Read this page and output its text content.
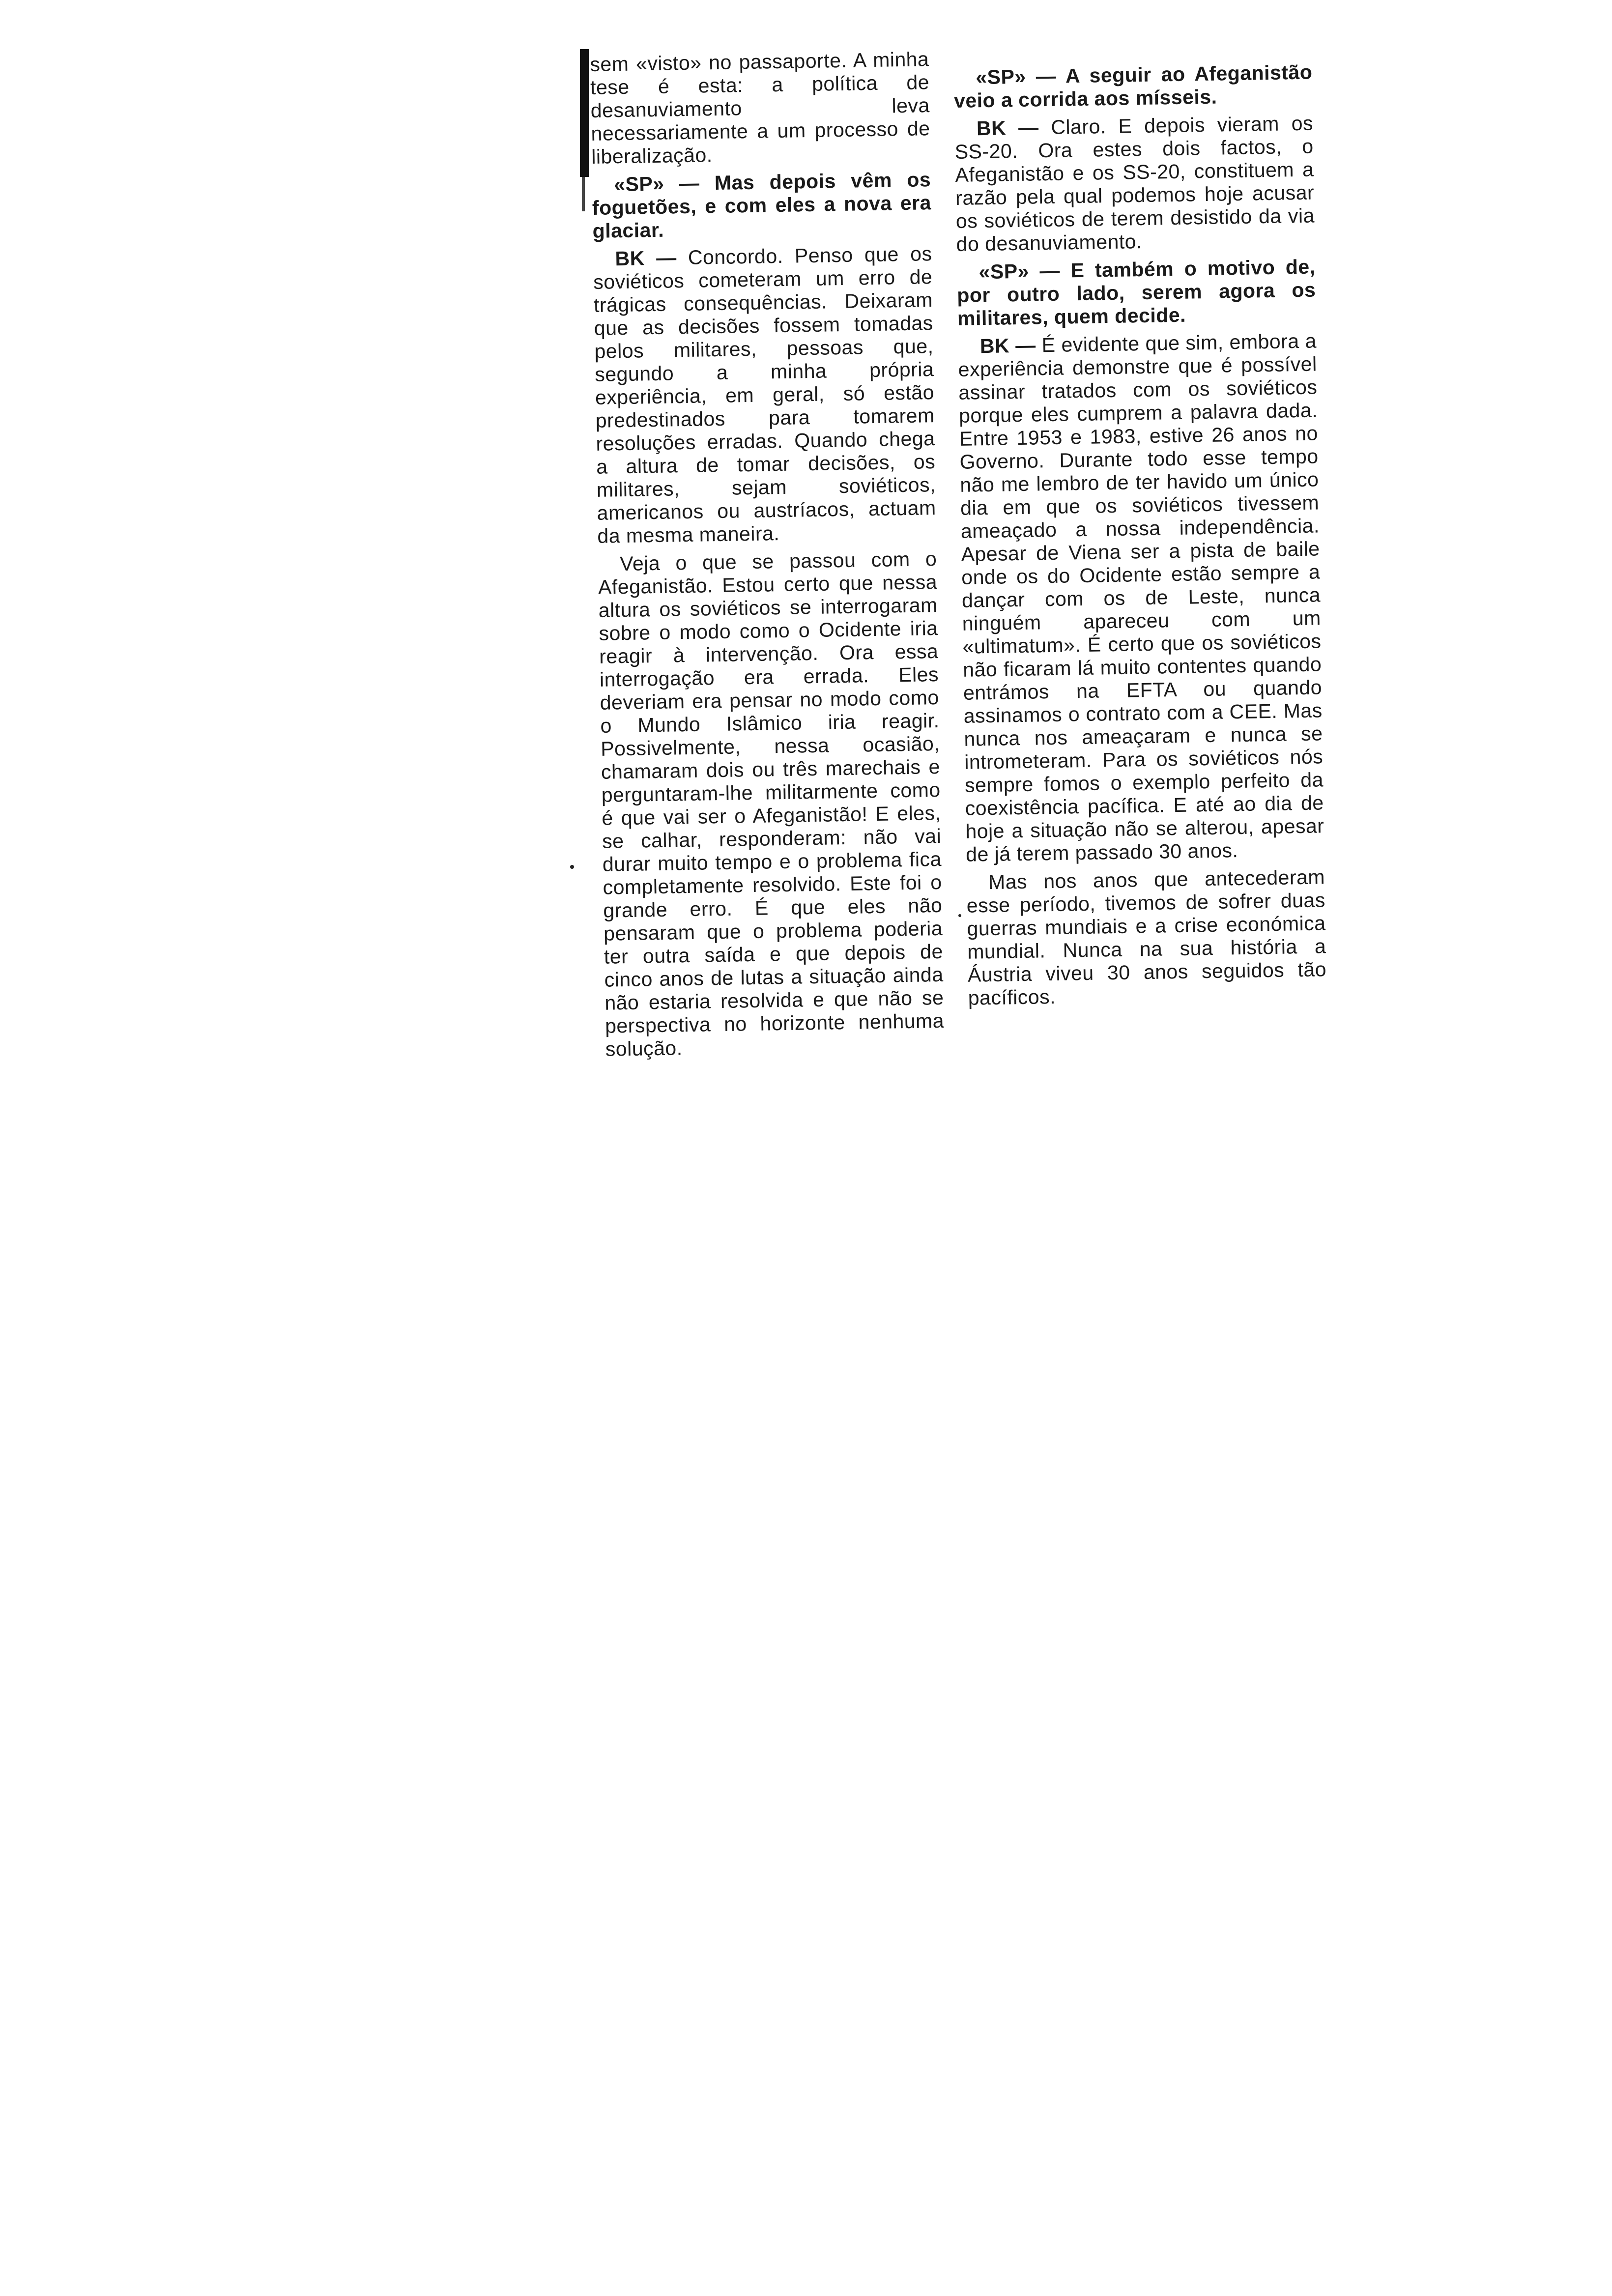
sem «visto» no passaporte. A minha tese é esta: a política de desanuviamento leva necessariamente a um processo de liberalização.

«SP» — Mas depois vêm os foguetões, e com eles a nova era glaciar.

BK — Concordo. Penso que os soviéticos cometeram um erro de trágicas consequências. Deixaram que as decisões fossem tomadas pelos militares, pessoas que, segundo a minha própria experiência, em geral, só estão predestinados para tomarem resoluções erradas. Quando chega a altura de tomar decisões, os militares, sejam soviéticos, americanos ou austríacos, actuam da mesma maneira.

Veja o que se passou com o Afeganistão. Estou certo que nessa altura os soviéticos se interrogaram sobre o modo como o Ocidente iria reagir à intervenção. Ora essa interrogação era errada. Eles deveriam era pensar no modo como o Mundo Islâmico iria reagir. Possivelmente, nessa ocasião, chamaram dois ou três marechais e perguntaram-lhe militarmente como é que vai ser o Afeganistão! E eles, se calhar, responderam: não vai durar muito tempo e o problema fica completamente resolvido. Este foi o grande erro. É que eles não pensaram que o problema poderia ter outra saída e que depois de cinco anos de lutas a situação ainda não estaria resolvida e que não se perspectiva no horizonte nenhuma solução.

«SP» — A seguir ao Afeganistão veio a corrida aos mísseis.

BK — Claro. E depois vieram os SS-20. Ora estes dois factos, o Afeganistão e os SS-20, constituem a razão pela qual podemos hoje acusar os soviéticos de terem desistido da via do desanuviamento.

«SP» — E também o motivo de, por outro lado, serem agora os militares, quem decide.

BK — É evidente que sim, embora a experiência demonstre que é possível assinar tratados com os soviéticos porque eles cumprem a palavra dada. Entre 1953 e 1983, estive 26 anos no Governo. Durante todo esse tempo não me lembro de ter havido um único dia em que os soviéticos tivessem ameaçado a nossa independência. Apesar de Viena ser a pista de baile onde os do Ocidente estão sempre a dançar com os de Leste, nunca ninguém apareceu com um «ultimatum». É certo que os soviéticos não ficaram lá muito contentes quando entrámos na EFTA ou quando assinamos o contrato com a CEE. Mas nunca nos ameaçaram e nunca se intrometeram. Para os soviéticos nós sempre fomos o exemplo perfeito da coexistência pacífica. E até ao dia de hoje a situação não se alterou, apesar de já terem passado 30 anos.

Mas nos anos que antecederam esse período, tivemos de sofrer duas guerras mundiais e a crise económica mundial. Nunca na sua história a Áustria viveu 30 anos seguidos tão pacíficos.
